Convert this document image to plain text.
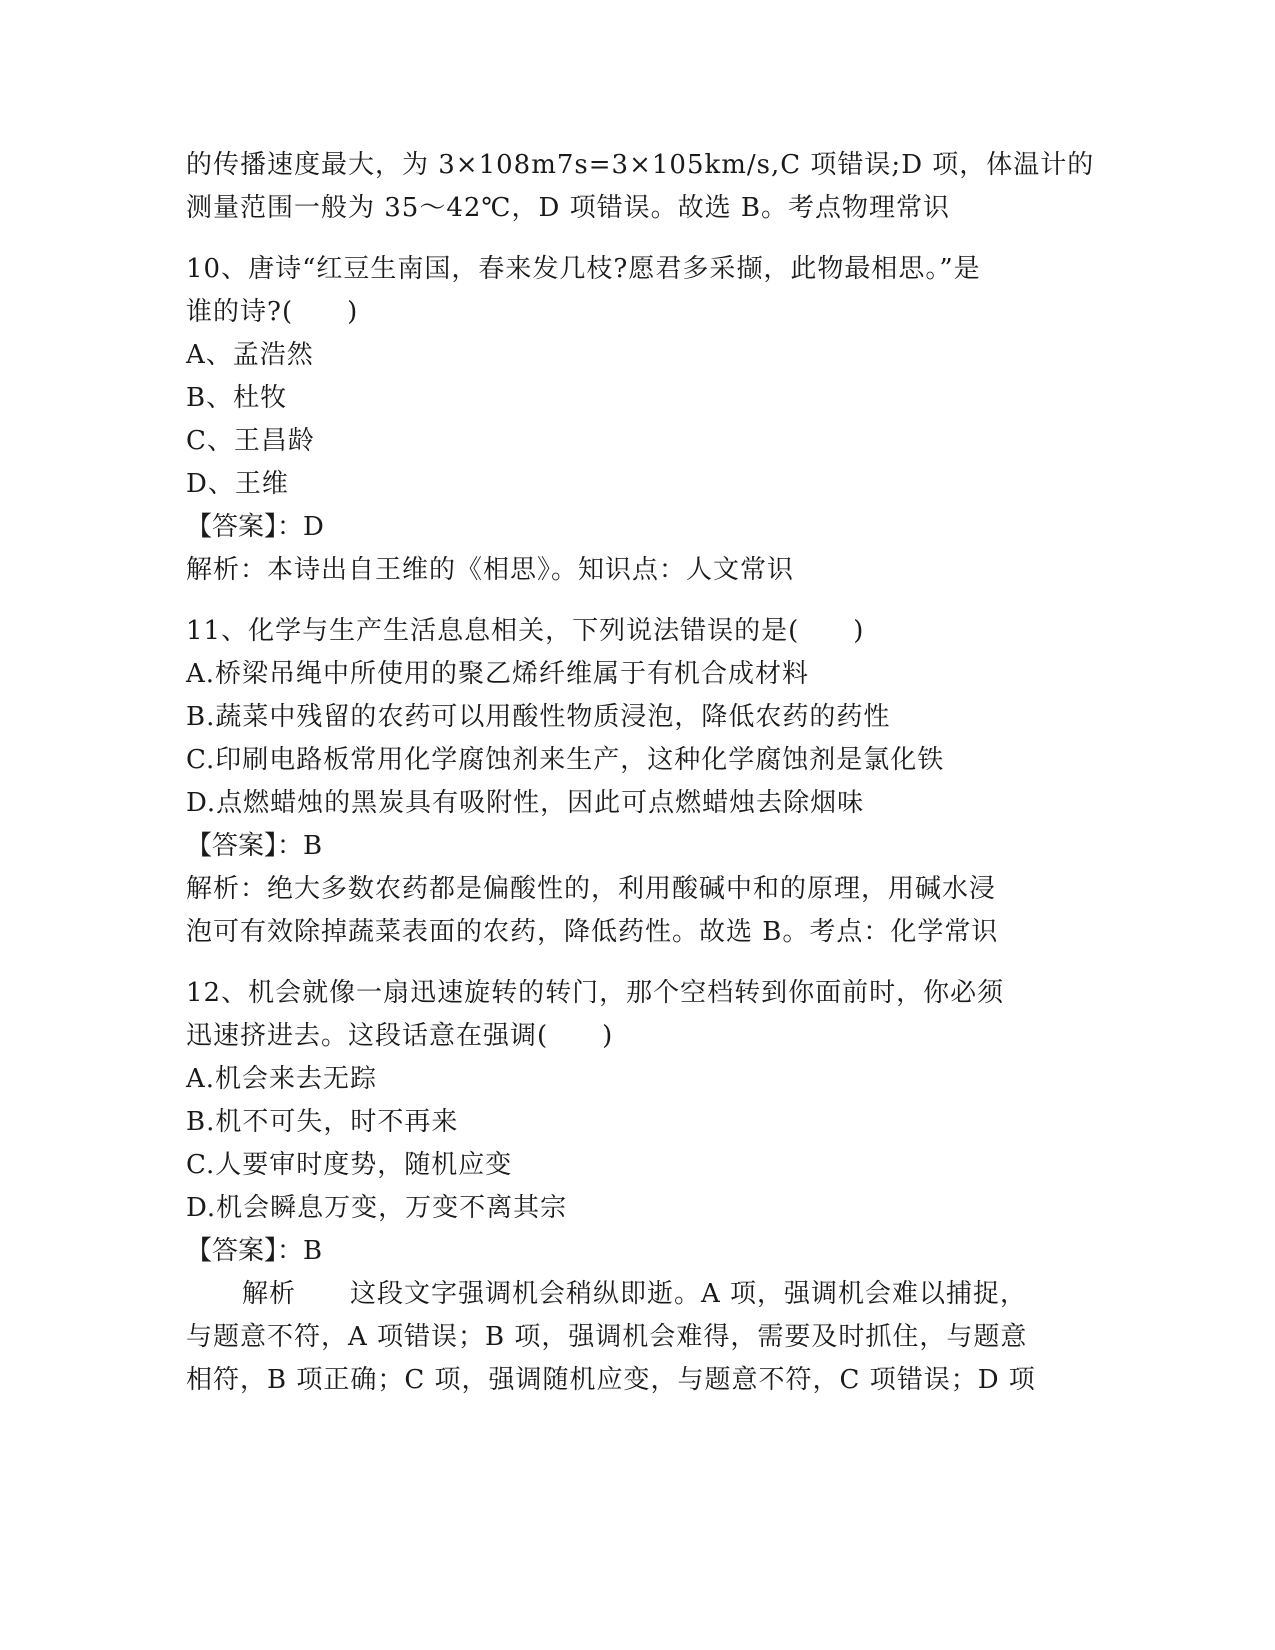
的传播速度最大，为 3×108m7s=3×105km/s,C 项错误;D 项，体温计的
测量范围一般为 35～42℃，D 项错误。故选 B。考点物理常识
10、唐诗“红豆生南国，春来发几枝?愿君多采撷，此物最相思。”是
谁的诗?(　　)
A、孟浩然
B、杜牧
C、王昌龄
D、王维
【答案】：D
解析：本诗出自王维的《相思》。知识点：人文常识
11、化学与生产生活息息相关，下列说法错误的是(　　)
A.桥梁吊绳中所使用的聚乙烯纤维属于有机合成材料
B.蔬菜中残留的农药可以用酸性物质浸泡，降低农药的药性
C.印刷电路板常用化学腐蚀剂来生产，这种化学腐蚀剂是氯化铁
D.点燃蜡烛的黑炭具有吸附性，因此可点燃蜡烛去除烟味
【答案】：B
解析：绝大多数农药都是偏酸性的，利用酸碱中和的原理，用碱水浸
泡可有效除掉蔬菜表面的农药，降低药性。故选 B。考点：化学常识
12、机会就像一扇迅速旋转的转门，那个空档转到你面前时，你必须
迅速挤进去。这段话意在强调(　　)
A.机会来去无踪
B.机不可失，时不再来
C.人要审时度势，随机应变
D.机会瞬息万变，万变不离其宗
【答案】：B
解析　　这段文字强调机会稍纵即逝。A 项，强调机会难以捕捉，
与题意不符，A 项错误；B 项，强调机会难得，需要及时抓住，与题意
相符，B 项正确；C 项，强调随机应变，与题意不符，C 项错误；D 项
